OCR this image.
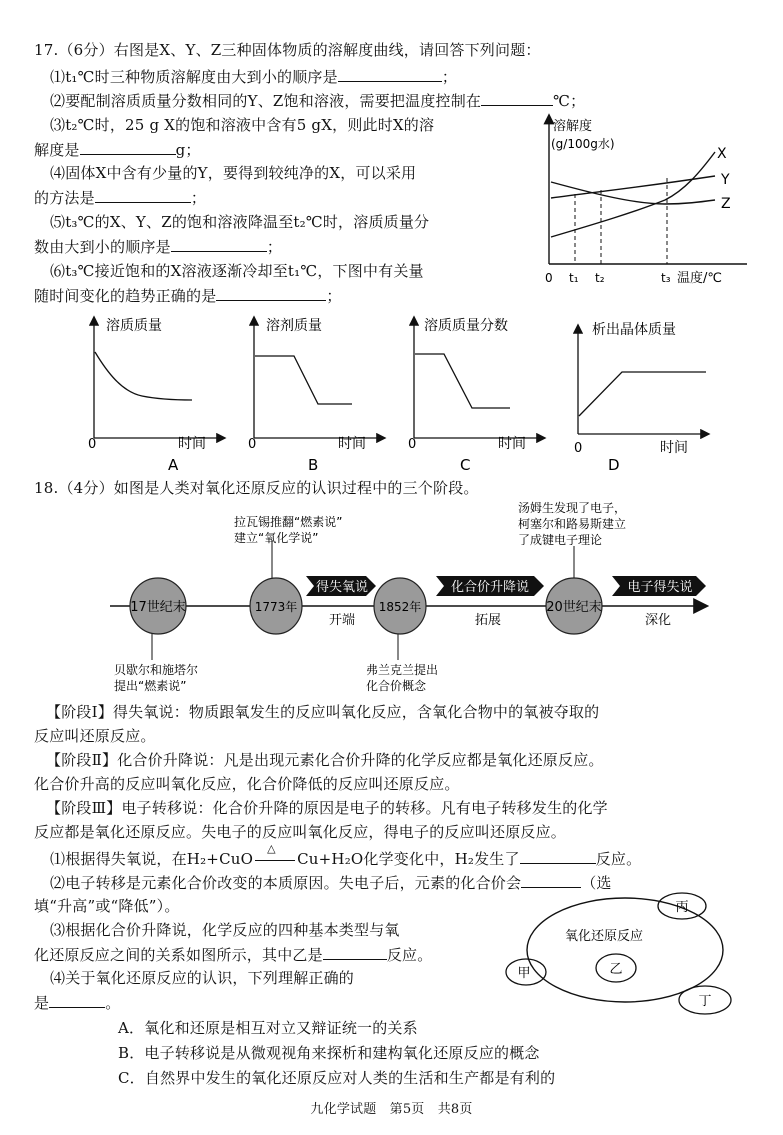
17.（6分）右图是X、Y、Z三种固体物质的溶解度曲线，请回答下列问题：
⑴t₁℃时三种物质溶解度由大到小的顺序是	；
⑵要配制溶质质量分数相同的Y、Z饱和溶液，需要把温度控制在	℃；
⑶t₂℃时，25 g X的饱和溶液中含有5 gX，则此时X的溶
解度是	g；
⑷固体X中含有少量的Y，要得到较纯净的X，可以采用
的方法是	；
⑸t₃℃的X、Y、Z的饱和溶液降温至t₂℃时，溶质质量分
数由大到小的顺序是	；
⑹t₃℃接近饱和的X溶液逐渐冷却至t₁℃，下图中有关量
随时间变化的趋势正确的是	；
溶解度
(g/100g水)
X
Y
Z
0 t₁ t₂	t₃ 温度/℃
溶质质量
0	时间
A
溶剂质量
0	时间
B
溶质质量分数
0	时间
C
析出晶体质量
0	时间
D
18.（4分）如图是人类对氧化还原反应的认识过程中的三个阶段。
17世纪末	1773年	1852年	20世纪末
得失氧说	化合价升降说	电子得失说
开端	拓展	深化
拉瓦锡推翻“燃素说”
建立“氧化学说”
汤姆生发现了电子，
柯塞尔和路易斯建立
了成键电子理论
贝歇尔和施塔尔
提出“燃素说”
弗兰克兰提出
化合价概念
【阶段Ⅰ】得失氧说：物质跟氧发生的反应叫氧化反应，含氧化合物中的氧被夺取的
反应叫还原反应。
【阶段Ⅱ】化合价升降说：凡是出现元素化合价升降的化学反应都是氧化还原反应。
化合价升高的反应叫氧化反应，化合价降低的反应叫还原反应。
【阶段Ⅲ】电子转移说：化合价升降的原因是电子的转移。凡有电子转移发生的化学
反应都是氧化还原反应。失电子的反应叫氧化反应，得电子的反应叫还原反应。
⑴根据得失氧说，在H₂+CuO
△
Cu+H₂O化学变化中，H₂发生了	反应。
⑵电子转移是元素化合价改变的本质原因。失电子后，元素的化合价会	（选
填“升高”或“降低”）。
⑶根据化合价升降说，化学反应的四种基本类型与氧
化还原反应之间的关系如图所示，其中乙是	反应。
⑷关于氧化还原反应的认识，下列理解正确的
是	。
氧化还原反应
丙
乙
甲
丁
A．氧化和还原是相互对立又辩证统一的关系
B．电子转移说是从微观视角来探析和建构氧化还原反应的概念
C．自然界中发生的氧化还原反应对人类的生活和生产都是有利的
九化学试题　第5页　共8页
